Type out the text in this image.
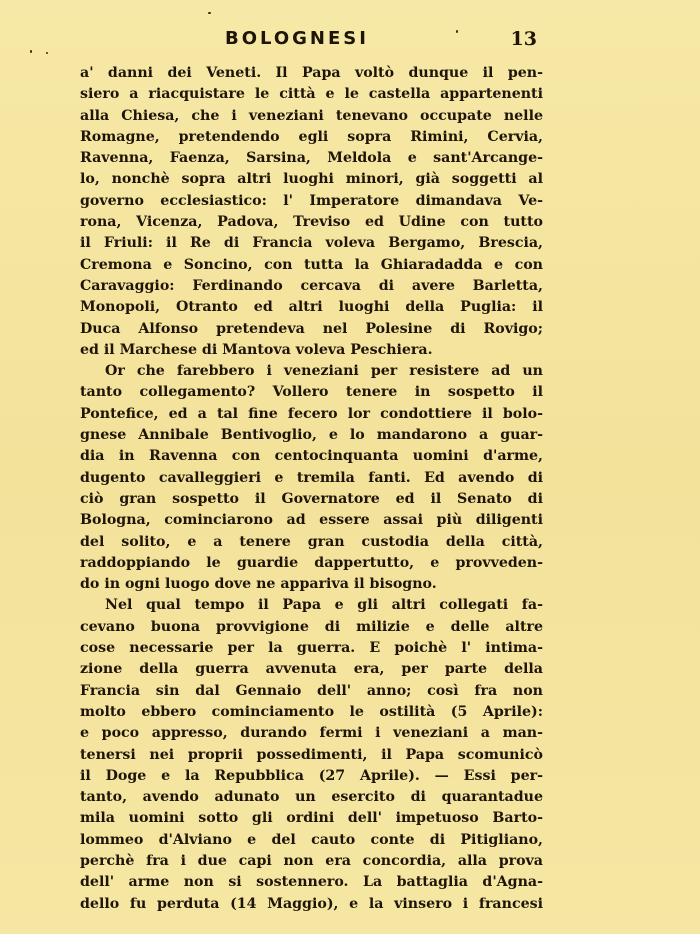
BOLOGNESI	13
a' danni dei Veneti. Il Papa voltò dunque il pen-
siero a riacquistare le città e le castella appartenenti
alla Chiesa, che i veneziani tenevano occupate nelle
Romagne, pretendendo egli sopra Rimini, Cervia,
Ravenna, Faenza, Sarsina, Meldola e sant'Arcange-
lo, nonchè sopra altri luoghi minori, già soggetti al
governo ecclesiastico: l' Imperatore dimandava Ve-
rona, Vicenza, Padova, Treviso ed Udine con tutto
il Friuli: il Re di Francia voleva Bergamo, Brescia,
Cremona e Soncino, con tutta la Ghiaradadda e con
Caravaggio: Ferdinando cercava di avere Barletta,
Monopoli, Otranto ed altri luoghi della Puglia: il
Duca Alfonso pretendeva nel Polesine di Rovigo;
ed il Marchese di Mantova voleva Peschiera.
Or che farebbero i veneziani per resistere ad un
tanto collegamento? Vollero tenere in sospetto il
Pontefice, ed a tal fine fecero lor condottiere il bolo-
gnese Annibale Bentivoglio, e lo mandarono a guar-
dia in Ravenna con centocinquanta uomini d'arme,
dugento cavalleggieri e tremila fanti. Ed avendo di
ciò gran sospetto il Governatore ed il Senato di
Bologna, cominciarono ad essere assai più diligenti
del solito, e a tenere gran custodia della città,
raddoppiando le guardie dappertutto, e provveden-
do in ogni luogo dove ne appariva il bisogno.
Nel qual tempo il Papa e gli altri collegati fa-
cevano buona provvigione di milizie e delle altre
cose necessarie per la guerra. E poichè l' intima-
zione della guerra avvenuta era, per parte della
Francia sin dal Gennaio dell' anno; così fra non
molto ebbero cominciamento le ostilità (5 Aprile):
e poco appresso, durando fermi i veneziani a man-
tenersi nei proprii possedimenti, il Papa scomunicò
il Doge e la Repubblica (27 Aprile). — Essi per-
tanto, avendo adunato un esercito di quarantadue
mila uomini sotto gli ordini dell' impetuoso Barto-
lommeo d'Alviano e del cauto conte di Pitigliano,
perchè fra i due capi non era concordia, alla prova
dell' arme non si sostennero. La battaglia d'Agna-
dello fu perduta (14 Maggio), e la vinsero i francesi
